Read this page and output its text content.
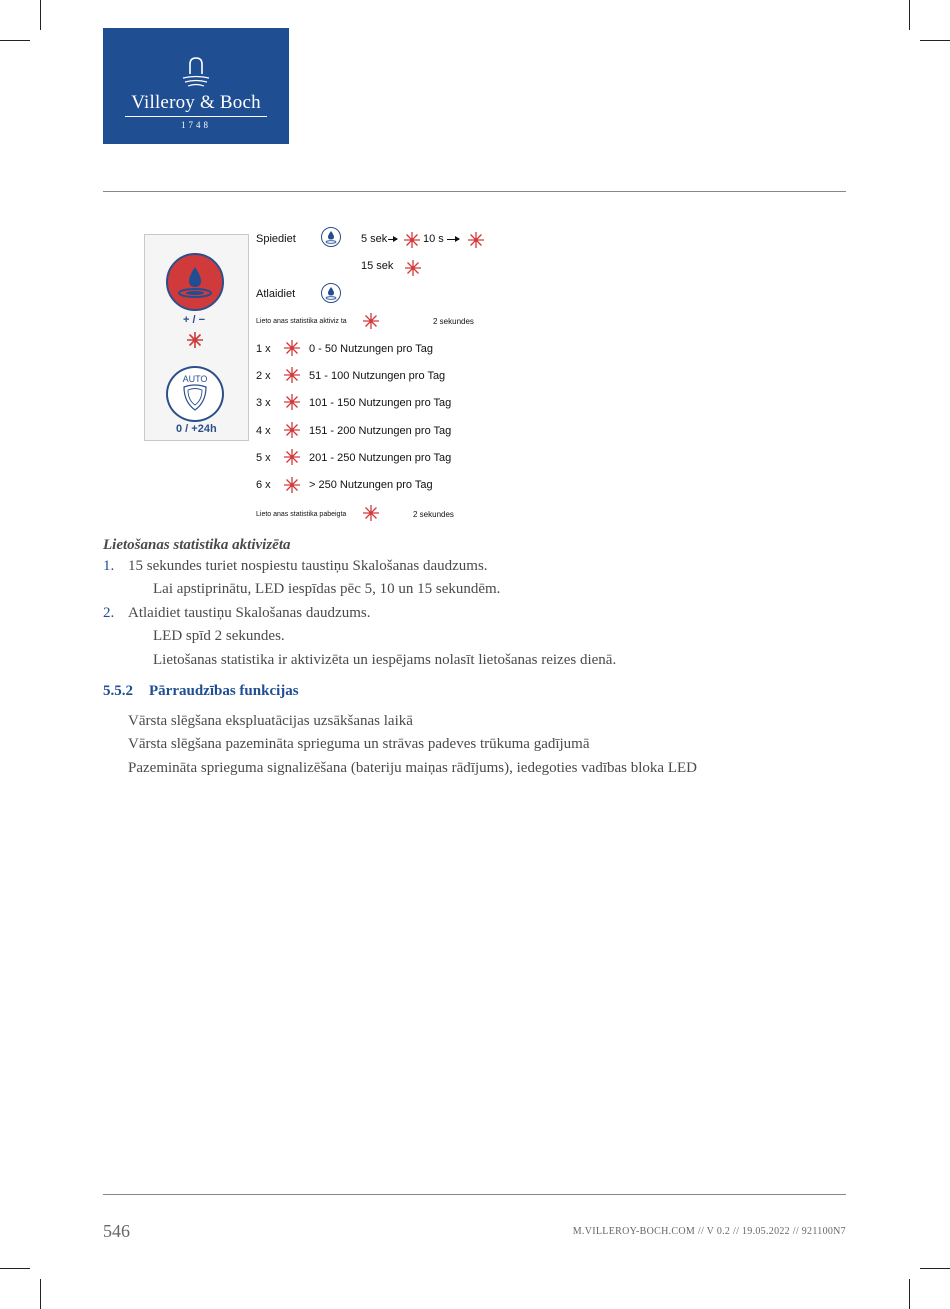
Villeroy & Boch
1748
+ / −
AUTO
0 / +24h
Spiediet	5 sek	10 s
15 sek
Atlaidiet
Lieto anas statistika aktiviz ta	2 sekundes
1 x	0 - 50 Nutzungen pro Tag
2 x	51 - 100 Nutzungen pro Tag
3 x	101 - 150 Nutzungen pro Tag
4 x	151 - 200 Nutzungen pro Tag
5 x	201 - 250 Nutzungen pro Tag
6 x	> 250 Nutzungen pro Tag
Lieto anas statistika pabeigta	2 sekundes
Lietošanas statistika aktivizēta
1. 15 sekundes turiet nospiestu taustiņu Skalošanas daudzums.
Lai apstiprinātu, LED iespīdas pēc 5, 10 un 15 sekundēm.
2. Atlaidiet taustiņu Skalošanas daudzums.
LED spīd 2 sekundes.
Lietošanas statistika ir aktivizēta un iespējams nolasīt lietošanas reizes dienā.
5.5.2 Pārraudzības funkcijas
Vārsta slēgšana ekspluatācijas uzsākšanas laikā
Vārsta slēgšana pazemināta sprieguma un strāvas padeves trūkuma gadījumā
Pazemināta sprieguma signalizēšana (bateriju maiņas rādījums), iedegoties vadības bloka LED
546	M.VILLEROY-BOCH.COM // V 0.2 // 19.05.2022 // 921100N7
